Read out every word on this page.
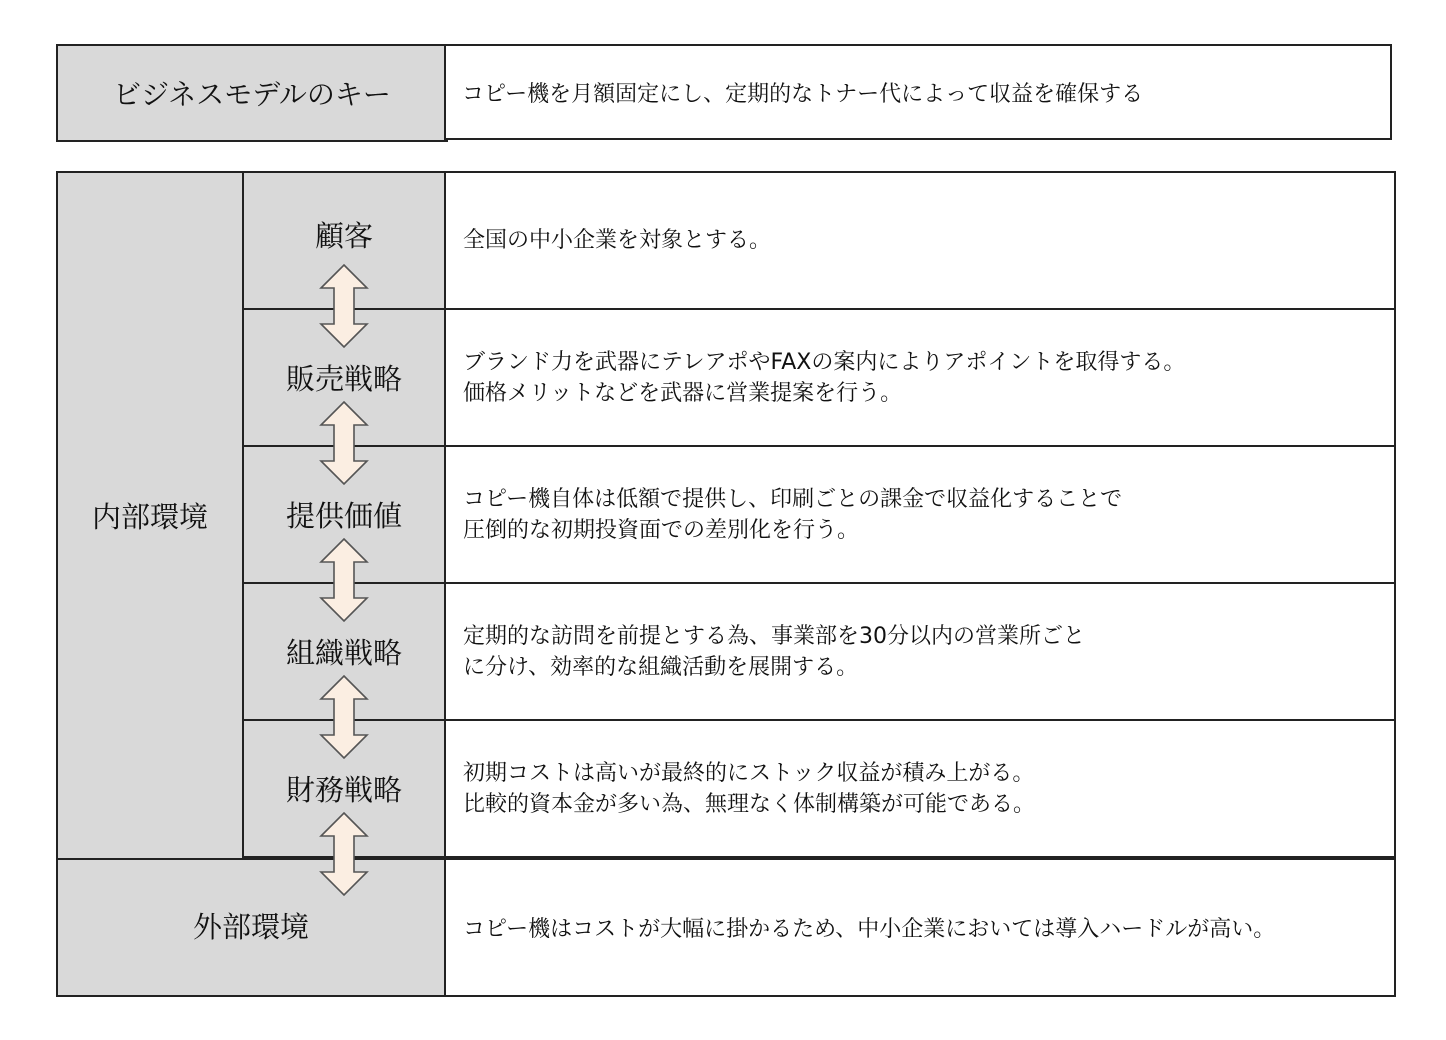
ビジネスモデルのキー	コピー機を月額固定にし、定期的なトナー代によって収益を確保する
内部環境
顧客	全国の中小企業を対象とする。
販売戦略	ブランド力を武器にテレアポやFAXの案内によりアポイントを取得する。
価格メリットなどを武器に営業提案を行う。
提供価値	コピー機自体は低額で提供し、印刷ごとの課金で収益化することで
圧倒的な初期投資面での差別化を行う。
組織戦略	定期的な訪問を前提とする為、事業部を30分以内の営業所ごと
に分け、効率的な組織活動を展開する。
財務戦略	初期コストは高いが最終的にストック収益が積み上がる。
比較的資本金が多い為、無理なく体制構築が可能である。
外部環境	コピー機はコストが大幅に掛かるため、中小企業においては導入ハードルが高い。
